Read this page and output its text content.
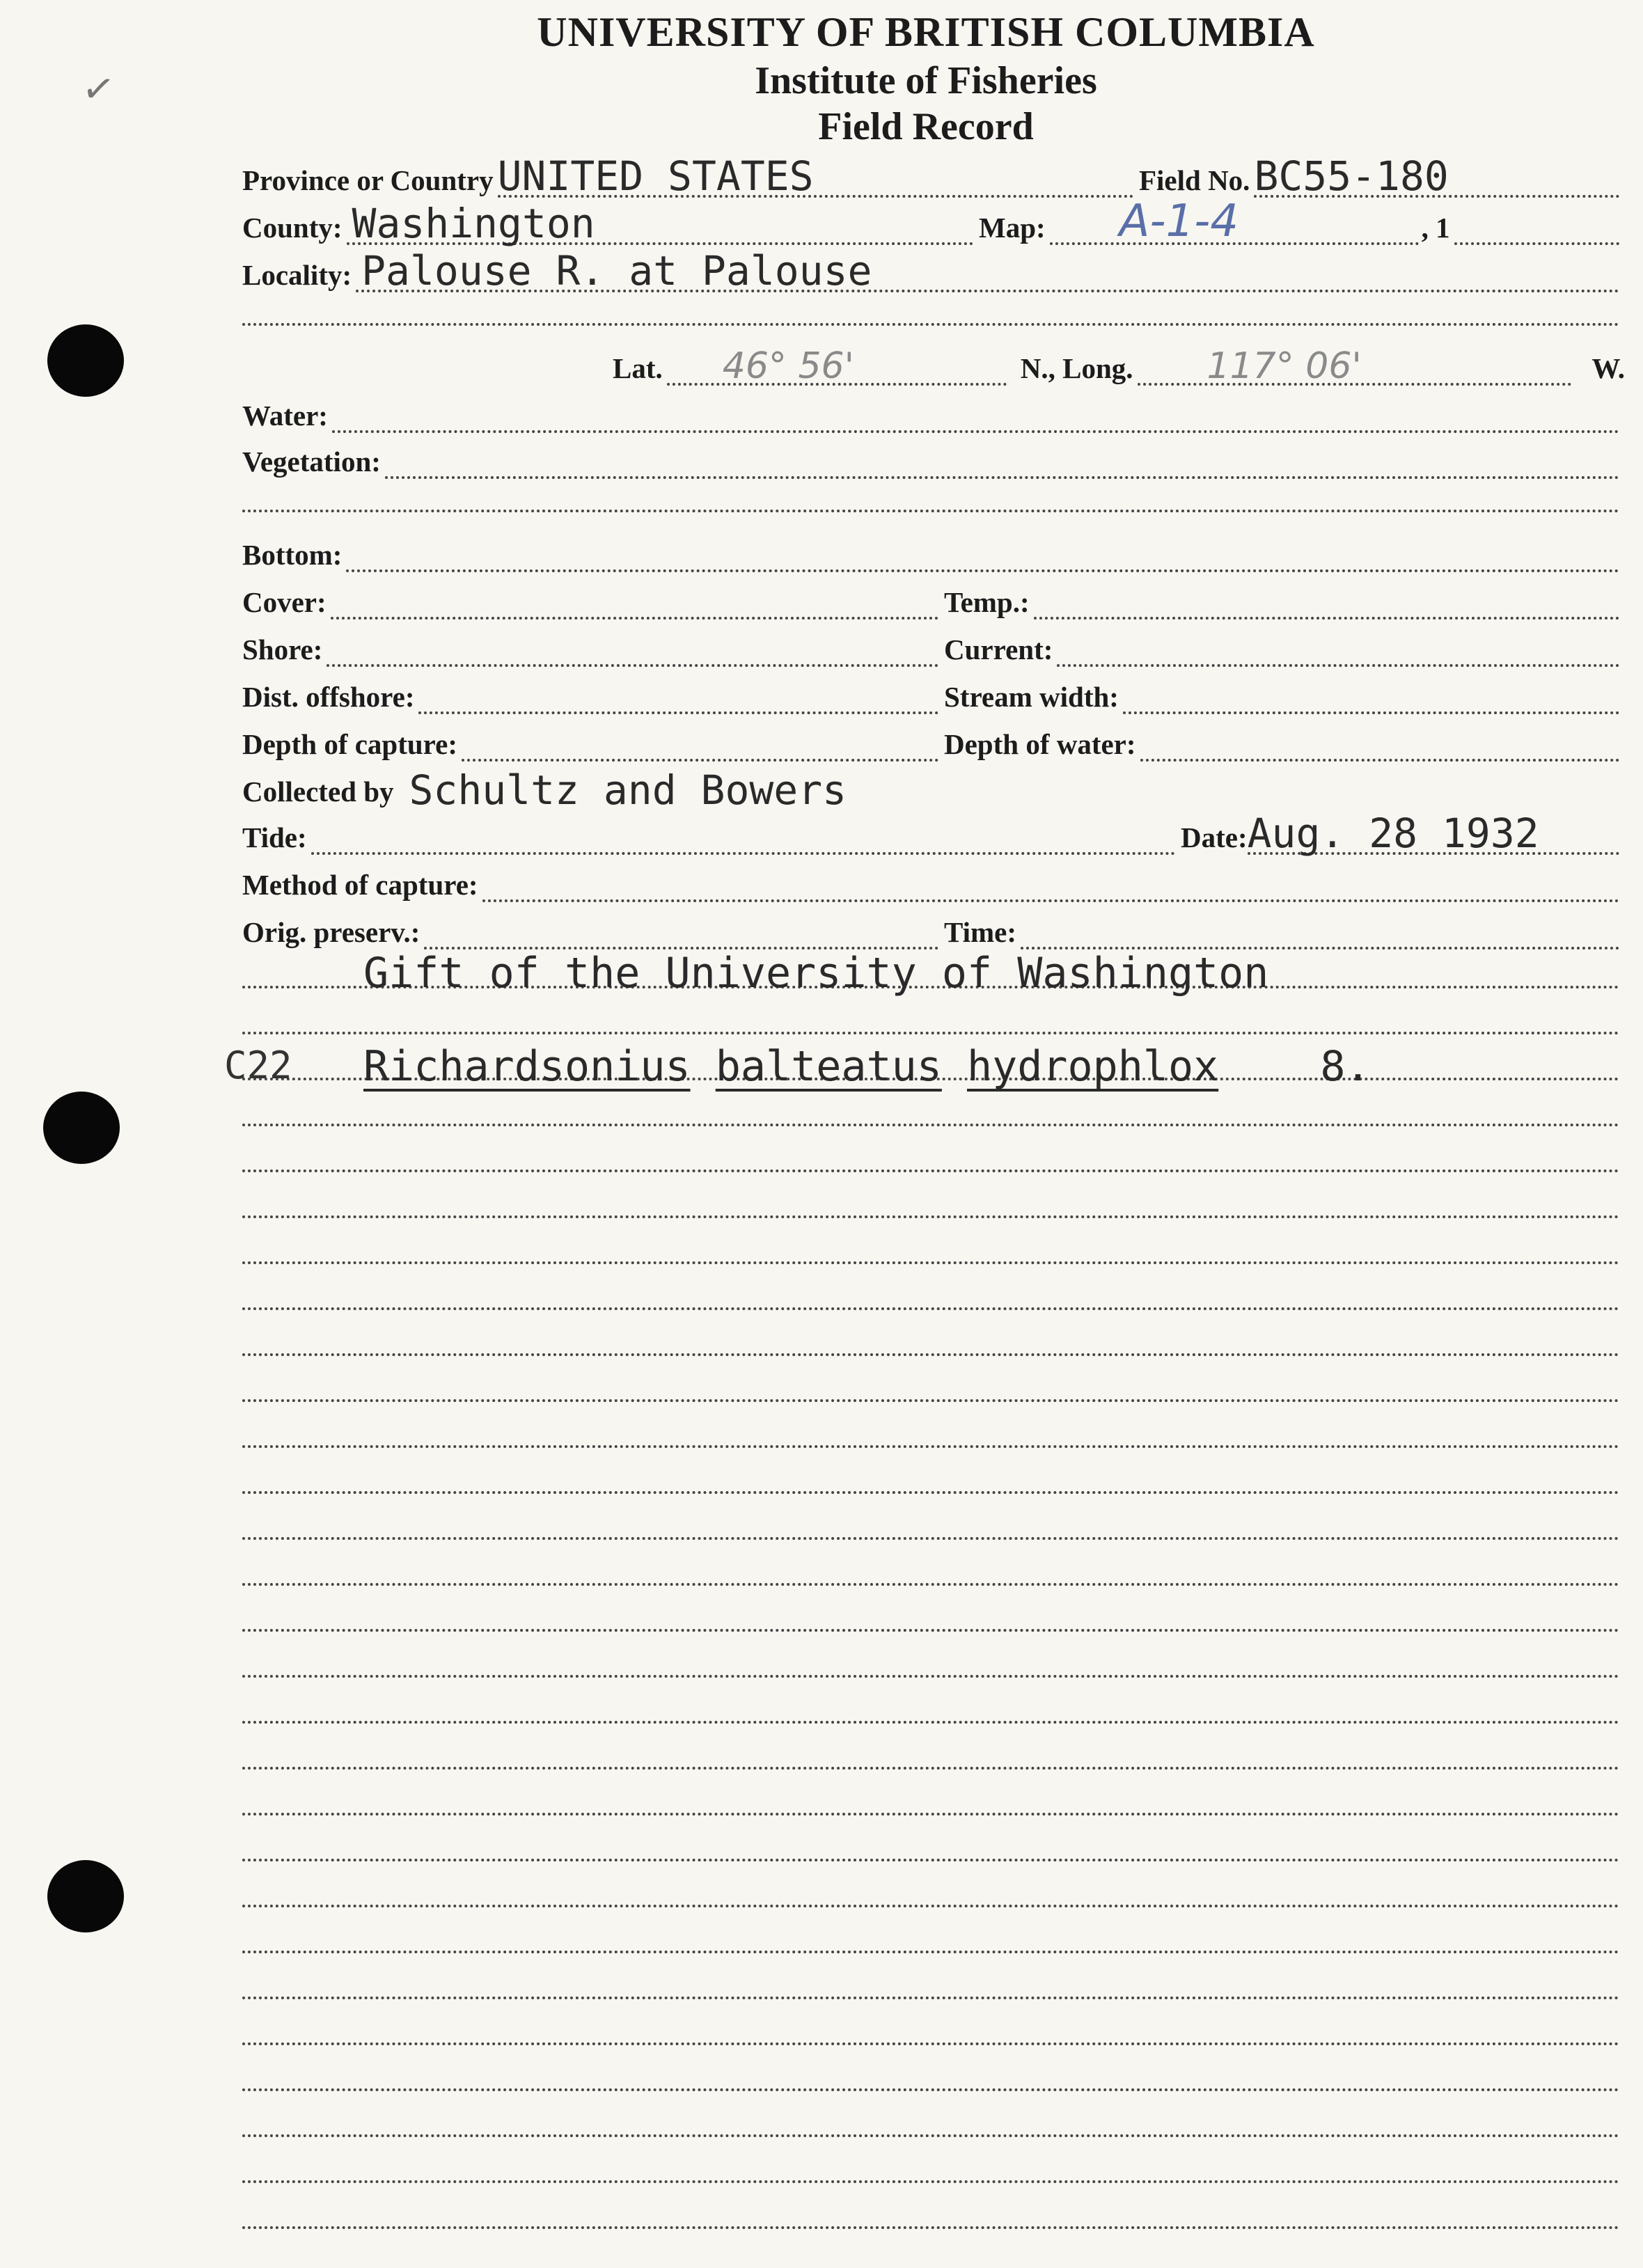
✓
UNIVERSITY OF BRITISH COLUMBIA
Institute of Fisheries
Field Record
Province or Country UNITED STATES	Field No. BC55-180
County: Washington	Map: A-1-4	, 1
Locality: Palouse R. at Palouse
Lat. 46° 56'	N., Long. 117° 06'	W.
Water:
Vegetation:
Bottom:
Cover:	Temp.:
Shore:	Current:
Dist. offshore:	Stream width:
Depth of capture:	Depth of water:
Collected by Schultz and Bowers
Tide:	Date: Aug. 28 1932
Method of capture:
Orig. preserv.:	Time:
Gift of the University of Washington
C22 Richardsonius balteatus hydrophlox 8.
